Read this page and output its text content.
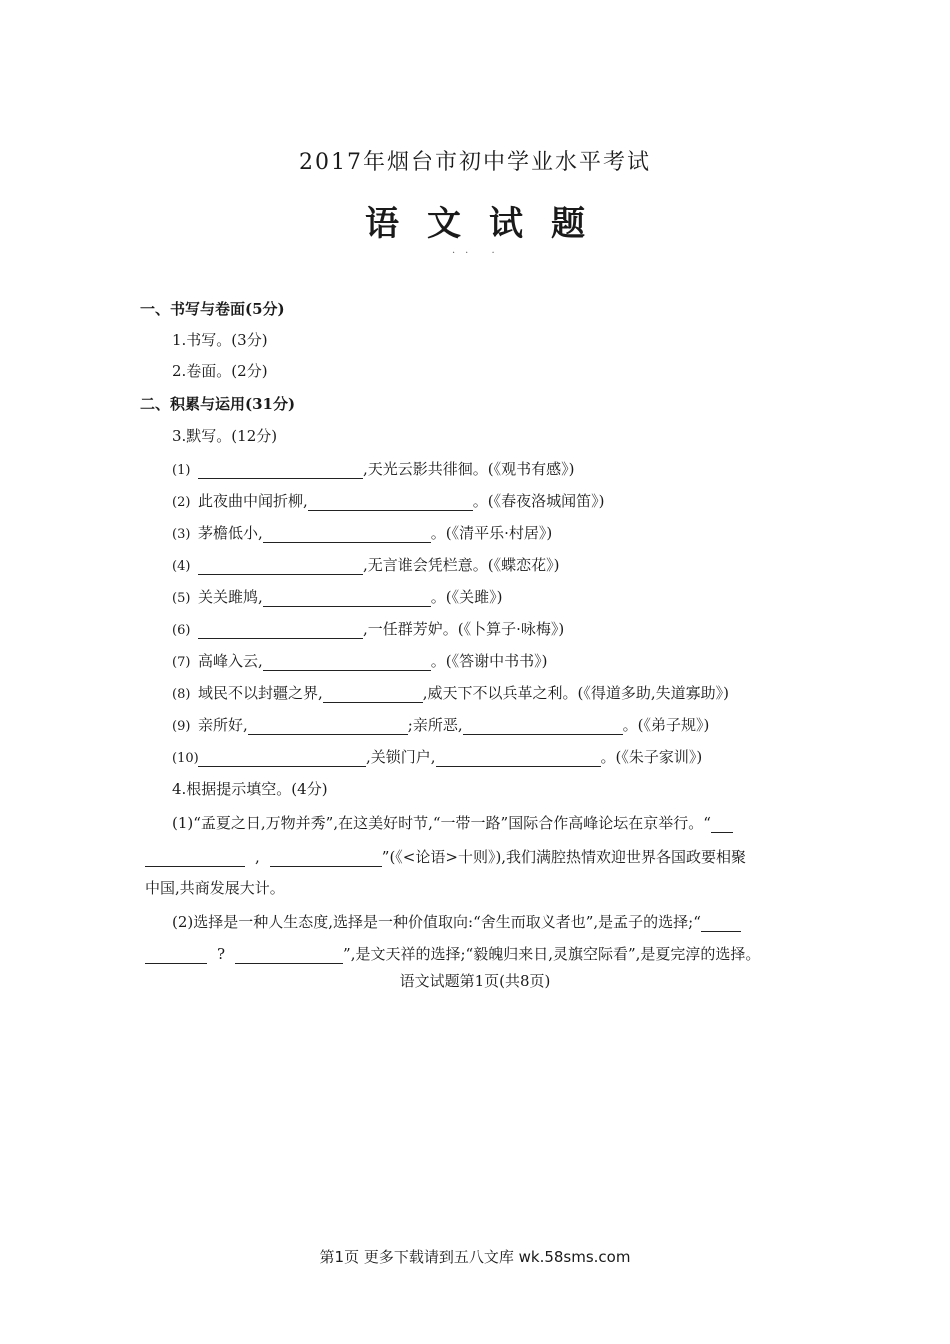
2017年烟台市初中学业水平考试
语文试题
·· ·
一、书写与卷面(5分)
1.书写。(3分)
2.卷面。(2分)
二、积累与运用(31分)
3.默写。(12分)
(1)	,天光云影共徘徊。(《观书有感》)
(2) 此夜曲中闻折柳,	。(《春夜洛城闻笛》)
(3) 茅檐低小,	。(《清平乐·村居》)
(4)	,无言谁会凭栏意。(《蝶恋花》)
(5) 关关雎鸠,	。(《关雎》)
(6)	,一任群芳妒。(《卜算子·咏梅》)
(7) 高峰入云,	。(《答谢中书书》)
(8) 域民不以封疆之界,	,威天下不以兵革之利。(《得道多助,失道寡助》)
(9) 亲所好,	;亲所恶,	。(《弟子规》)
(10)	,关锁门户,	。(《朱子家训》)
4.根据提示填空。(4分)
(1)“孟夏之日,万物并秀”,在这美好时节,“一带一路”国际合作高峰论坛在京举行。“
,	”(《<论语>十则》),我们满腔热情欢迎世界各国政要相聚
中国,共商发展大计。
(2)选择是一种人生态度,选择是一种价值取向:“舍生而取义者也”,是孟子的选择;“
?	”,是文天祥的选择;“毅魄归来日,灵旗空际看”,是夏完淳的选择。
语文试题第1页(共8页)
第1页 更多下载请到五八文库 wk.58sms.com
